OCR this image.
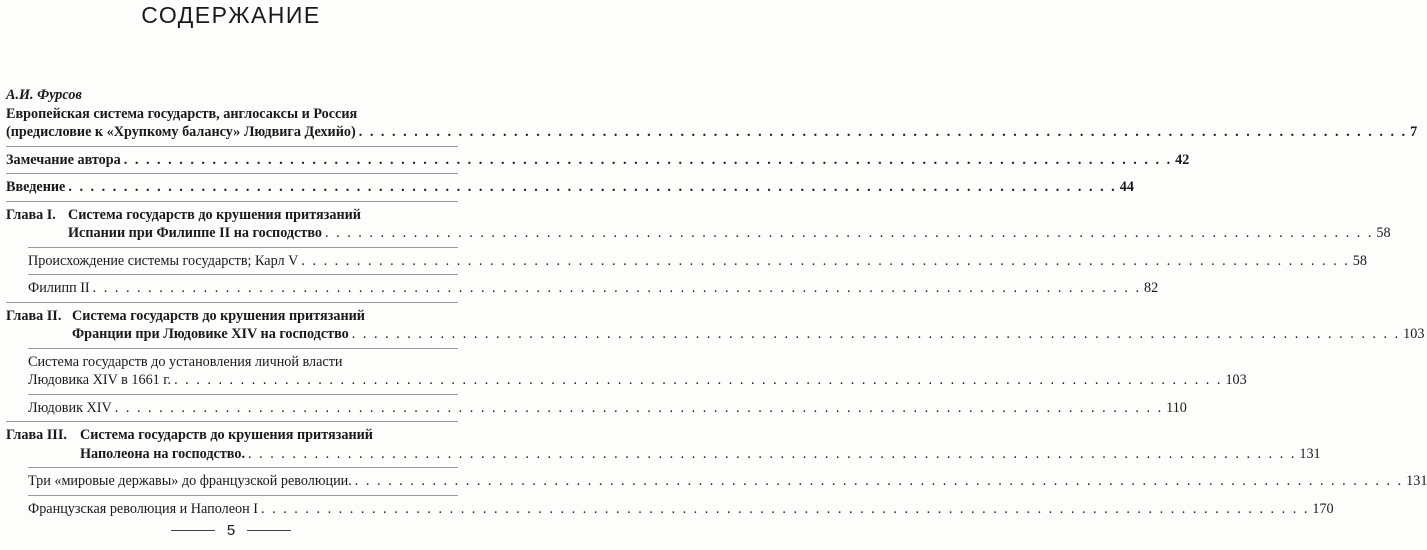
СОДЕРЖАНИЕ
А.И. Фурсов
Европейская система государств, англосаксы и Россия
(предисловие к «Хрупкому балансу» Людвига Дехийо) . . .	7
Замечание автора . . .	42
Введение . . .	44
Глава I. Система государств до крушения притязаний
Испании при Филиппе II на господство . . .	58
Происхождение системы государств; Карл V . . .	58
Филипп II . . .	82
Глава II. Система государств до крушения притязаний
Франции при Людовике XIV на господство . . .	103
Система государств до установления личной власти
Людовика XIV в 1661 г. . . .	103
Людовик XIV . . .	110
Глава III. Система государств до крушения притязаний
Наполеона на господство. . . .	131
Три «мировые державы» до французской революции. . . .	131
Французская революция и Наполеон I . . .	170
5
